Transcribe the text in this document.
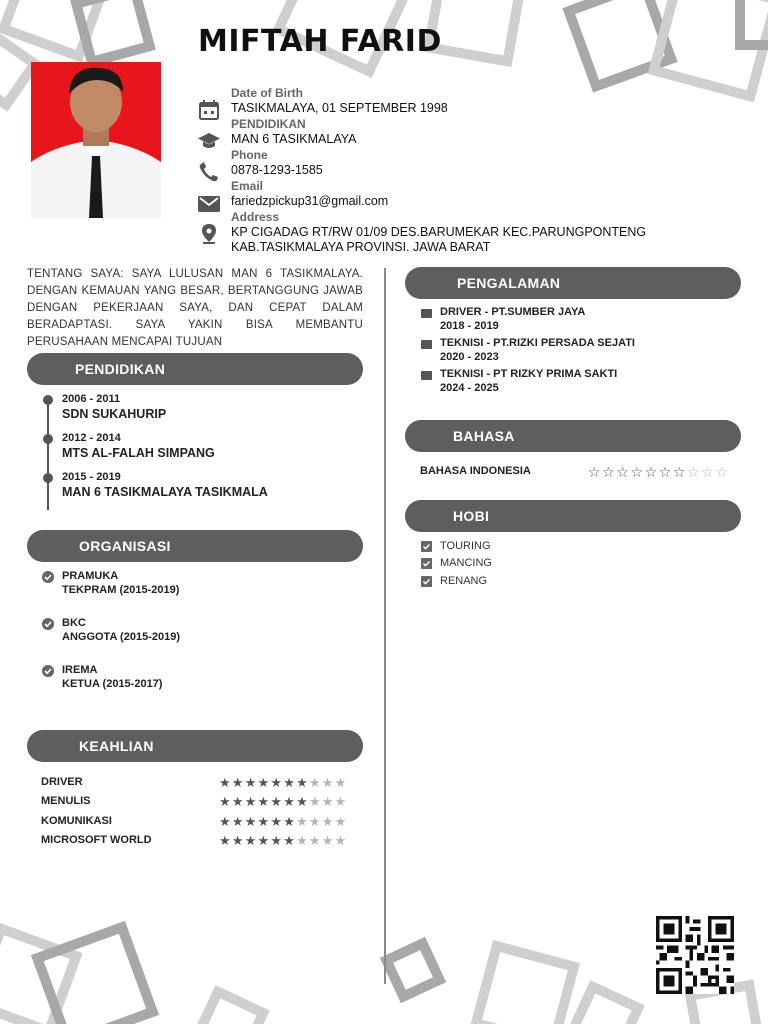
MIFTAH FARID
Date of Birth
TASIKMALAYA, 01 SEPTEMBER 1998
PENDIDIKAN
MAN 6 TASIKMALAYA
Phone
0878-1293-1585
Email
fariedzpickup31@gmail.com
Address
KP CIGADAG RT/RW 01/09 DES.BARUMEKAR KEC.PARUNGPONTENG
KAB.TASIKMALAYA PROVINSI. JAWA BARAT
TENTANG SAYA: SAYA LULUSAN MAN 6 TASIKMALAYA. DENGAN KEMAUAN YANG BESAR, BERTANGGUNG JAWAB DENGAN PEKERJAAN SAYA, DAN CEPAT DALAM BERADAPTASI. SAYA YAKIN BISA MEMBANTU PERUSAHAAN MENCAPAI TUJUAN
PENDIDIKAN
2006 - 2011
SDN SUKAHURIP
2012 - 2014
MTS AL-FALAH SIMPANG
2015 - 2019
MAN 6 TASIKMALAYA TASIKMALA
ORGANISASI
PRAMUKA
TEKPRAM (2015-2019)
BKC
ANGGOTA (2015-2019)
IREMA
KETUA (2015-2017)
KEAHLIAN
DRIVER	★★★★★★★★★★
MENULIS	★★★★★★★★★★
KOMUNIKASI	★★★★★★★★★★
MICROSOFT WORLD	★★★★★★★★★★
PENGALAMAN
DRIVER - PT.SUMBER JAYA
2018 - 2019
TEKNISI - PT.RIZKI PERSADA SEJATI
2020 - 2023
TEKNISI - PT RIZKY PRIMA SAKTI
2024 - 2025
BAHASA
BAHASA INDONESIA	☆ ☆ ☆ ☆ ☆ ☆ ☆ ☆ ☆ ☆
HOBI
TOURING
MANCING
RENANG
